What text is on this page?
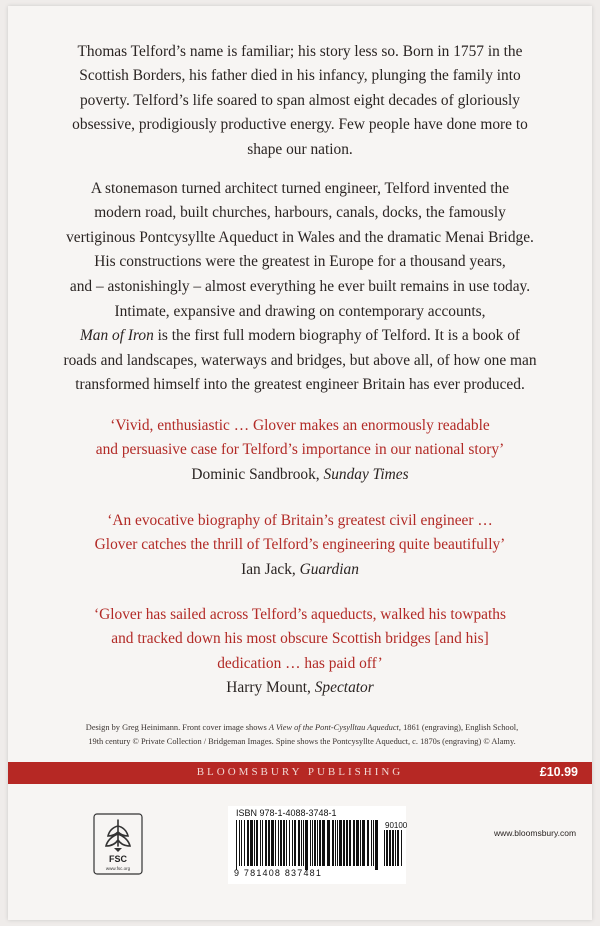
Thomas Telford’s name is familiar; his story less so. Born in 1757 in the
Scottish Borders, his father died in his infancy, plunging the family into
poverty. Telford’s life soared to span almost eight decades of gloriously
obsessive, prodigiously productive energy. Few people have done more to
shape our nation.
A stonemason turned architect turned engineer, Telford invented the
modern road, built churches, harbours, canals, docks, the famously
vertiginous Pontcysyllte Aqueduct in Wales and the dramatic Menai Bridge.
His constructions were the greatest in Europe for a thousand years,
and – astonishingly – almost everything he ever built remains in use today.
Intimate, expansive and drawing on contemporary accounts,
Man of Iron is the first full modern biography of Telford. It is a book of
roads and landscapes, waterways and bridges, but above all, of how one man
transformed himself into the greatest engineer Britain has ever produced.
‘Vivid, enthusiastic … Glover makes an enormously readable
and persuasive case for Telford’s importance in our national story’
Dominic Sandbrook, Sunday Times
‘An evocative biography of Britain’s greatest civil engineer …
Glover catches the thrill of Telford’s engineering quite beautifully’
Ian Jack, Guardian
‘Glover has sailed across Telford’s aqueducts, walked his towpaths
and tracked down his most obscure Scottish bridges [and his]
dedication … has paid off’
Harry Mount, Spectator
Design by Greg Heinimann. Front cover image shows A View of the Pont-Cysylltau Aqueduct, 1861 (engraving), English School,
19th century © Private Collection / Bridgeman Images. Spine shows the Pontcysyllte Aqueduct, c. 1870s (engraving) © Alamy.
BLOOMSBURY PUBLISHING	£10.99
FSC
www.fsc.org
ISBN 978-1-4088-3748-1
90100
9 781408 837481
www.bloomsbury.com
